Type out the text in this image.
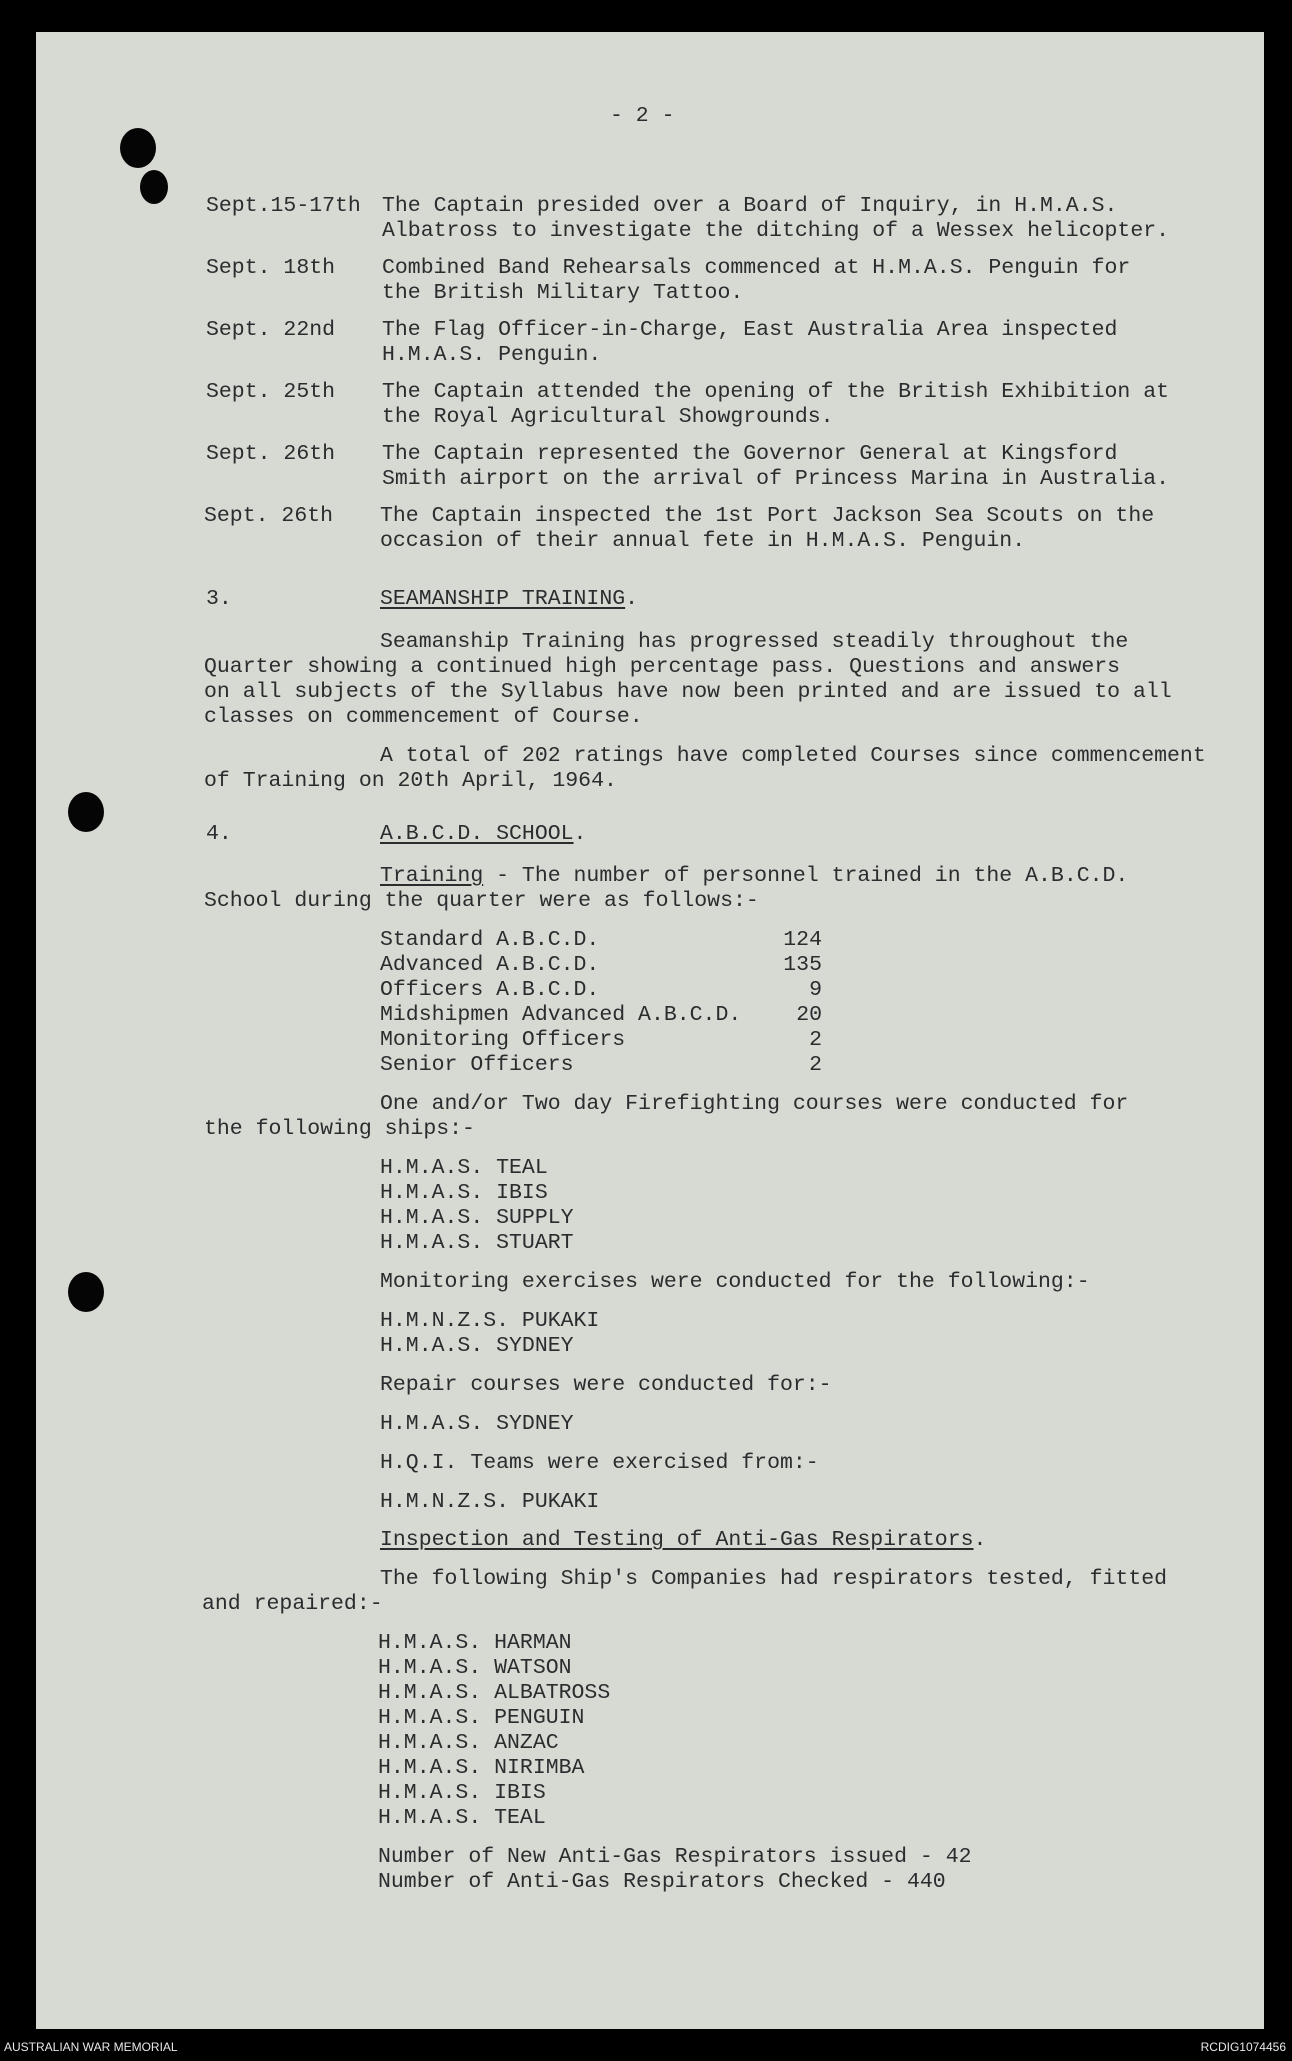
- 2 -
Sept.15-17th The Captain presided over a Board of Inquiry, in H.M.A.S.
Albatross to investigate the ditching of a Wessex helicopter.
Sept. 18th Combined Band Rehearsals commenced at H.M.A.S. Penguin for
the British Military Tattoo.
Sept. 22nd The Flag Officer-in-Charge, East Australia Area inspected
H.M.A.S. Penguin.
Sept. 25th The Captain attended the opening of the British Exhibition at
the Royal Agricultural Showgrounds.
Sept. 26th The Captain represented the Governor General at Kingsford
Smith airport on the arrival of Princess Marina in Australia.
Sept. 26th The Captain inspected the 1st Port Jackson Sea Scouts on the
occasion of their annual fete in H.M.A.S. Penguin.
3.	SEAMANSHIP TRAINING.
Seamanship Training has progressed steadily throughout the
Quarter showing a continued high percentage pass. Questions and answers
on all subjects of the Syllabus have now been printed and are issued to all
classes on commencement of Course.
A total of 202 ratings have completed Courses since commencement
of Training on 20th April, 1964.
4.	A.B.C.D. SCHOOL.
Training - The number of personnel trained in the A.B.C.D.
School during the quarter were as follows:-
Standard A.B.C.D.	124
Advanced A.B.C.D.	135
Officers A.B.C.D.	9
Midshipmen Advanced A.B.C.D.	20
Monitoring Officers	2
Senior Officers	2
One and/or Two day Firefighting courses were conducted for
the following ships:-
H.M.A.S. TEAL
H.M.A.S. IBIS
H.M.A.S. SUPPLY
H.M.A.S. STUART
Monitoring exercises were conducted for the following:-
H.M.N.Z.S. PUKAKI
H.M.A.S. SYDNEY
Repair courses were conducted for:-
H.M.A.S. SYDNEY
H.Q.I. Teams were exercised from:-
H.M.N.Z.S. PUKAKI
Inspection and Testing of Anti-Gas Respirators.
The following Ship's Companies had respirators tested, fitted
and repaired:-
H.M.A.S. HARMAN
H.M.A.S. WATSON
H.M.A.S. ALBATROSS
H.M.A.S. PENGUIN
H.M.A.S. ANZAC
H.M.A.S. NIRIMBA
H.M.A.S. IBIS
H.M.A.S. TEAL
Number of New Anti-Gas Respirators issued - 42
Number of Anti-Gas Respirators Checked - 440
AUSTRALIAN WAR MEMORIAL	RCDIG1074456
